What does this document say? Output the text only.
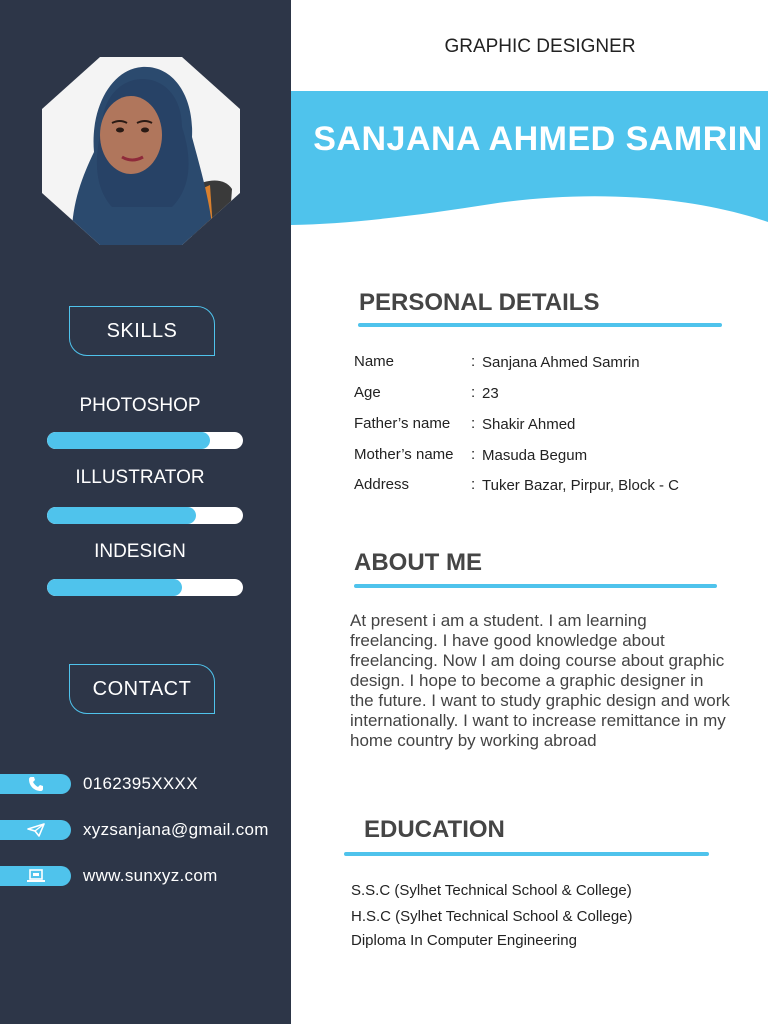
SKILLS
PHOTOSHOP
ILLUSTRATOR
INDESIGN
CONTACT
0162395XXXX
xyzsanjana@gmail.com
www.sunxyz.com
GRAPHIC DESIGNER
SANJANA AHMED SAMRIN
PERSONAL DETAILS
Name	: Sanjana Ahmed Samrin
Age	: 23
Father’s name : Shakir Ahmed
Mother’s name : Masuda Begum
Address	: Tuker Bazar, Pirpur, Block - C
ABOUT ME
At present i am a student. I am learning freelancing. I have good knowledge about freelancing. Now I am doing course about graphic design. I hope to become a graphic designer in the future. I want to study graphic design and work internationally. I want to increase remittance in my home country by working abroad
EDUCATION
S.S.C (Sylhet Technical School & College)
H.S.C (Sylhet Technical School & College)
Diploma In Computer Engineering
